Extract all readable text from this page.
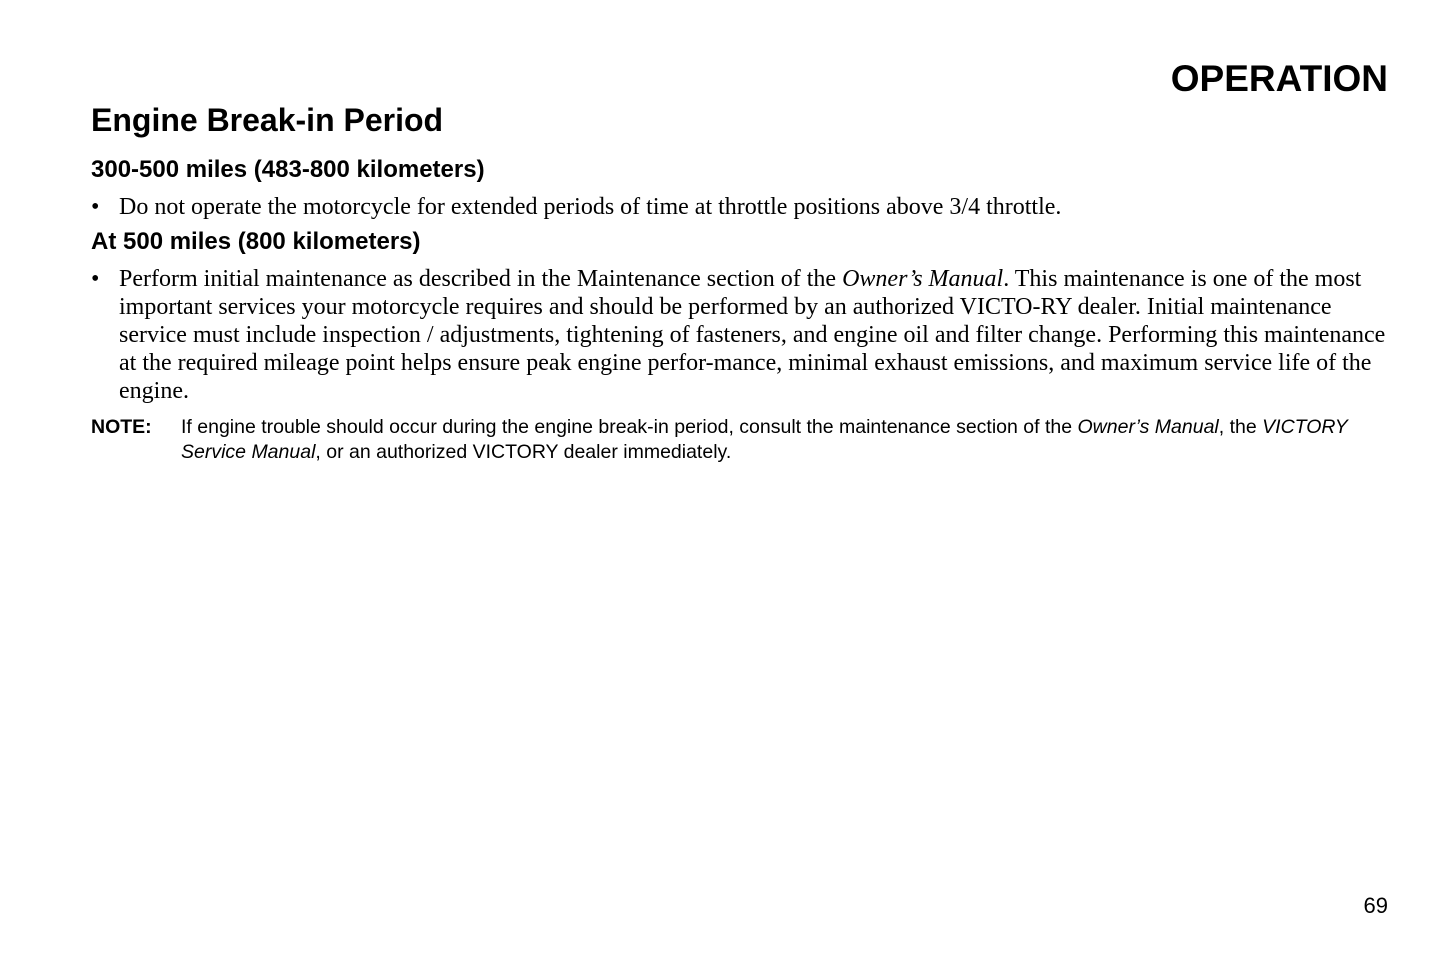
OPERATION
Engine Break-in Period
300-500 miles (483-800 kilometers)
• Do not operate the motorcycle for extended periods of time at throttle positions above 3/4 throttle.
At 500 miles (800 kilometers)
• Perform initial maintenance as described in the Maintenance section of the Owner’s Manual. This maintenance is one of the most important services your motorcycle requires and should be performed by an authorized VICTO-RY dealer. Initial maintenance service must include inspection / adjustments, tightening of fasteners, and engine oil and filter change. Performing this maintenance at the required mileage point helps ensure peak engine perfor-mance, minimal exhaust emissions, and maximum service life of the engine.
NOTE:	If engine trouble should occur during the engine break-in period, consult the maintenance section of the Owner’s Manual, the VICTORY Service Manual, or an authorized VICTORY dealer immediately.
69
